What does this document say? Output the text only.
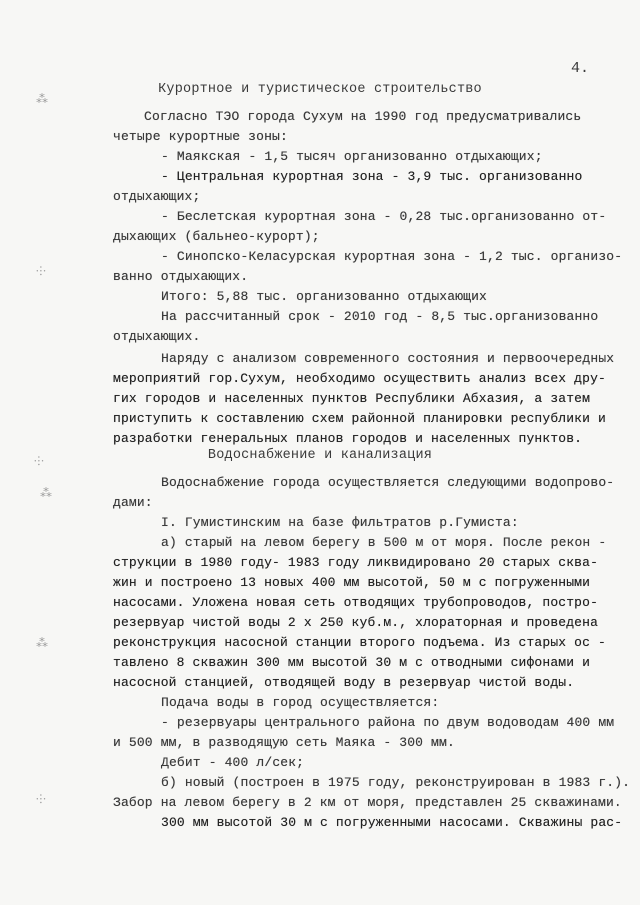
4.
⁂
⸭
⸭
⁂
⁂
⸭
Курортное и туристическое строительство
Согласно ТЭО города Сухум на 1990 год предусматривались
четыре курортные зоны:
- Маякская - 1,5 тысяч организованно отдыхающих;
- Центральная курортная зона - 3,9 тыс. организованно
отдыхающих;
- Беслетская курортная зона - 0,28 тыс.организованно от-
дыхающих (бальнео-курорт);
- Синопско-Келасурская курортная зона - 1,2 тыс. организо-
ванно отдыхающих.
Итого: 5,88 тыс. организованно отдыхающих
На рассчитанный срок - 2010 год - 8,5 тыс.организованно
отдыхающих.
Наряду с анализом современного состояния и первоочередных
мероприятий гор.Сухум, необходимо осуществить анализ всех дру-
гих городов и населенных пунктов Республики Абхазия, а затем
приступить к составлению схем районной планировки республики и
разработки генеральных планов городов и населенных пунктов.
Водоснабжение и канализация
Водоснабжение города осуществляется следующими водопрово-
дами:
I. Гумистинским на базе фильтратов р.Гумиста:
а) старый на левом берегу в 500 м от моря. После рекон -
струкции в 1980 году- 1983 году ликвидировано 20 старых сква-
жин и построено 13 новых 400 мм высотой, 50 м с погруженными
насосами. Уложена новая сеть отводящих трубопроводов, постро-
резервуар чистой воды 2 х 250 куб.м., хлораторная и проведена
реконструкция насосной станции второго подъема. Из старых ос -
тавлено 8 скважин 300 мм высотой 30 м с отводными сифонами и
насосной станцией, отводящей воду в резервуар чистой воды.
Подача воды в город осуществляется:
- резервуары центрального района по двум водоводам 400 мм
и 500 мм, в разводящую сеть Маяка - 300 мм.
Дебит - 400 л/сек;
б) новый (построен в 1975 году, реконструирован в 1983 г.).
Забор на левом берегу в 2 км от моря, представлен 25 скважинами.
300 мм высотой 30 м с погруженными насосами. Скважины рас-
